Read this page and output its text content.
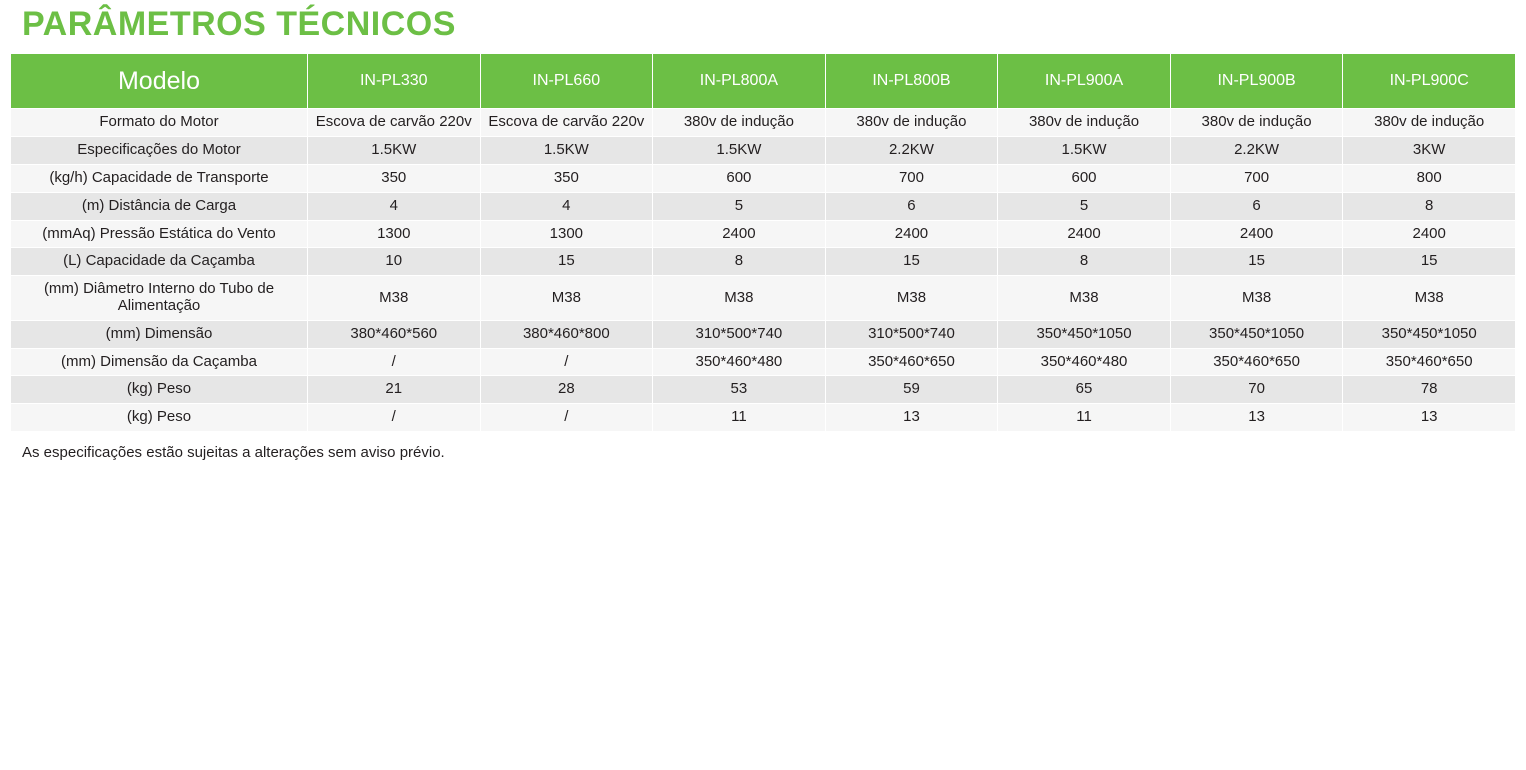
PARÂMETROS TÉCNICOS
Modelo	IN-PL330	IN-PL660	IN-PL800A	IN-PL800B	IN-PL900A	IN-PL900B	IN-PL900C
Formato do Motor	Escova de carvão 220v	Escova de carvão 220v	380v de indução	380v de indução	380v de indução	380v de indução	380v de indução
Especificações do Motor	1.5KW	1.5KW	1.5KW	2.2KW	1.5KW	2.2KW	3KW
(kg/h) Capacidade de Transporte	350	350	600	700	600	700	800
(m) Distância de Carga	4	4	5	6	5	6	8
(mmAq) Pressão Estática do Vento	1300	1300	2400	2400	2400	2400	2400
(L) Capacidade da Caçamba	10	15	8	15	8	15	15
(mm) Diâmetro Interno do Tubo de Alimentação	M38	M38	M38	M38	M38	M38	M38
(mm) Dimensão	380*460*560	380*460*800	310*500*740	310*500*740	350*450*1050	350*450*1050	350*450*1050
(mm) Dimensão da Caçamba	/	/	350*460*480	350*460*650	350*460*480	350*460*650	350*460*650
(kg) Peso	21	28	53	59	65	70	78
(kg) Peso	/	/	11	13	11	13	13
As especificações estão sujeitas a alterações sem aviso prévio.
